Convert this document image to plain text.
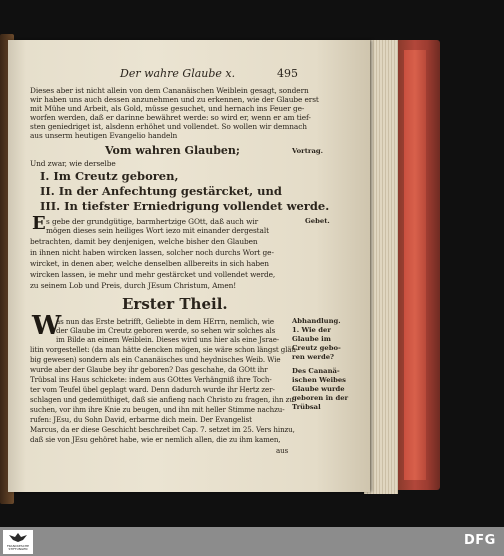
Der wahre Glaube x.	495
Dieses aber ist nicht allein von dem Cananäischen Weiblein gesagt, sondern
wir haben uns auch dessen anzunehmen und zu erkennen, wie der Glaube erst
mit Mühe und Arbeit, als Gold, müsse gesuchet, und hernach ins Feuer ge-
worfen werden, daß er darinne bewähret werde: so wird er, wenn er am tief-
sten geniedriget ist, alsdenn erhöhet und vollendet. So wollen wir demnach
aus unserm heutigen Evangelio handeln
Vom wahren Glauben;	Vortrag.
Und zwar, wie derselbe
I. Im Creutz geboren,
II. In der Anfechtung gestärcket, und
III. In tiefster Erniedrigung vollendet werde.
E s gebe der grundgütige, barmhertzige GOtt, daß auch wir
mögen dieses sein heiliges Wort iezo mit einander dergestalt
betrachten, damit bey denjenigen, welche bisher den Glauben
in ihnen nicht haben wircken lassen, solcher noch durchs Wort ge-
wircket, in denen aber, welche denselben allbereits in sich haben
wircken lassen, ie mehr und mehr gestärcket und vollendet werde,
zu seinem Lob und Preis, durch JEsum Christum, Amen!
Gebet.
Erster Theil.
W
as nun das Erste betrifft, Geliebte in dem HErrn, nemlich, wie
der Glaube im Creutz geboren werde, so sehen wir solches als
im Bilde an einem Weiblein. Dieses wird uns hier als eine Jsrae-
litin vorgestellet: (da man hätte dencken mögen, sie wäre schon längst gläu-
big gewesen) sondern als ein Cananäisches und heydnisches Weib. Wie
wurde aber der Glaube bey ihr geboren? Das geschahe, da GOtt ihr
Trübsal ins Haus schickete: indem aus GOttes Verhängniß ihre Toch-
ter vom Teufel übel geplagt ward. Denn dadurch wurde ihr Hertz zer-
schlagen und gedemüthiget, daß sie anfieng nach Christo zu fragen, ihn zu
suchen, vor ihm ihre Knie zu beugen, und ihn mit heller Stimme nachzu-
rufen: JEsu, du Sohn David, erbarme dich mein. Der Evangelist
Marcus, da er diese Geschicht beschreibet Cap. 7. setzet im 25. Vers hinzu,
daß sie von JEsu gehöret habe, wie er nemlich allen, die zu ihm kamen,
aus
Abhandlung.
1. Wie der
Glaube im
Creutz gebo-
ren werde?
Des Cananä-
ischen Weibes
Glaube wurde
geboren in der
Trübsal
FRANCKESCHE STIFTUNGEN
DFG
